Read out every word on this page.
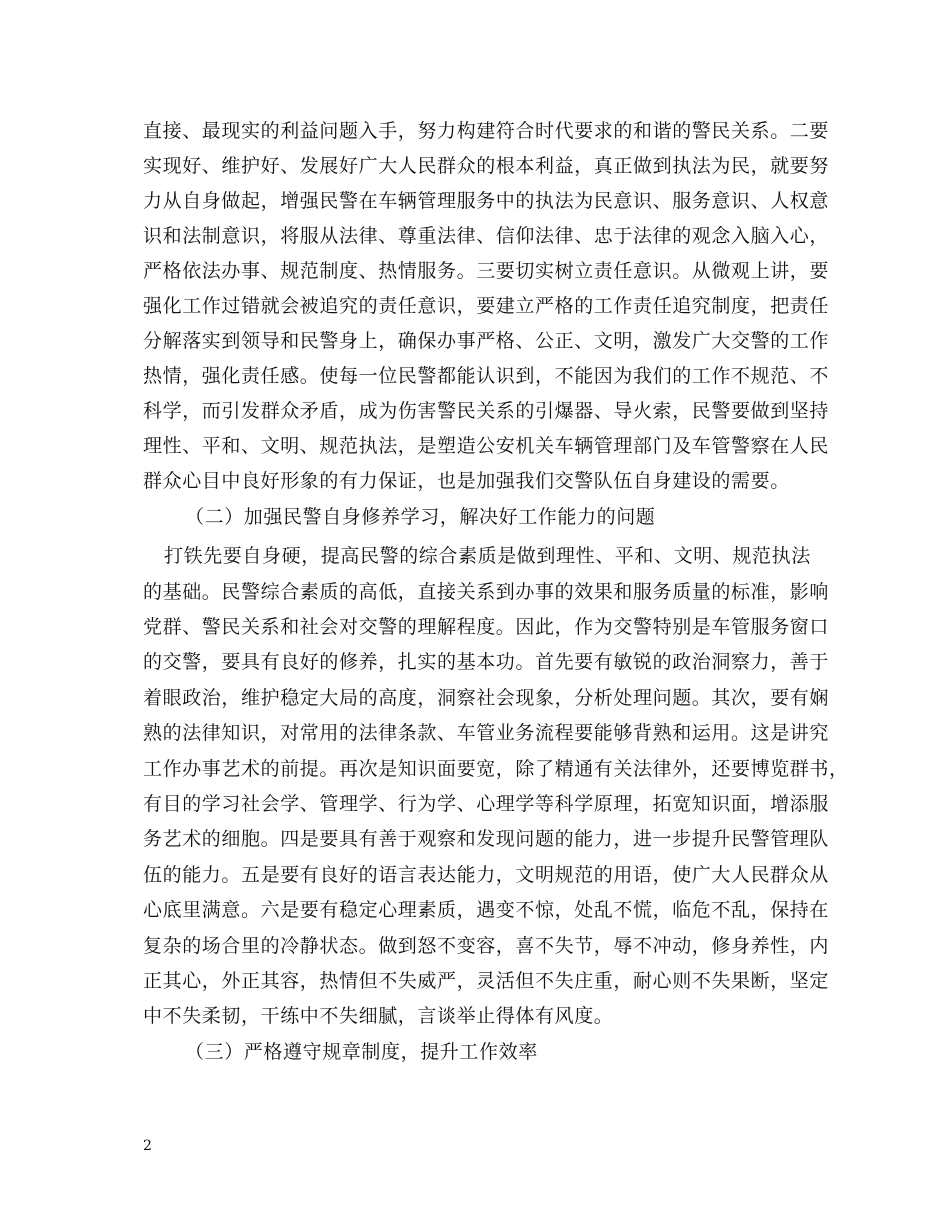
直接、最现实的利益问题入手，努力构建符合时代要求的和谐的警民关系。二要
实现好、维护好、发展好广大人民群众的根本利益，真正做到执法为民，就要努
力从自身做起，增强民警在车辆管理服务中的执法为民意识、服务意识、人权意
识和法制意识，将服从法律、尊重法律、信仰法律、忠于法律的观念入脑入心，
严格依法办事、规范制度、热情服务。三要切实树立责任意识。从微观上讲，要
强化工作过错就会被追究的责任意识，要建立严格的工作责任追究制度，把责任
分解落实到领导和民警身上，确保办事严格、公正、文明，激发广大交警的工作
热情，强化责任感。使每一位民警都能认识到，不能因为我们的工作不规范、不
科学，而引发群众矛盾，成为伤害警民关系的引爆器、导火索，民警要做到坚持
理性、平和、文明、规范执法，是塑造公安机关车辆管理部门及车管警察在人民
群众心目中良好形象的有力保证，也是加强我们交警队伍自身建设的需要。
（二）加强民警自身修养学习，解决好工作能力的问题
打铁先要自身硬，提高民警的综合素质是做到理性、平和、文明、规范执法
的基础。民警综合素质的高低，直接关系到办事的效果和服务质量的标准，影响
党群、警民关系和社会对交警的理解程度。因此，作为交警特别是车管服务窗口
的交警，要具有良好的修养，扎实的基本功。首先要有敏锐的政治洞察力，善于
着眼政治，维护稳定大局的高度，洞察社会现象，分析处理问题。其次，要有娴
熟的法律知识，对常用的法律条款、车管业务流程要能够背熟和运用。这是讲究
工作办事艺术的前提。再次是知识面要宽，除了精通有关法律外，还要博览群书，
有目的学习社会学、管理学、行为学、心理学等科学原理，拓宽知识面，增添服
务艺术的细胞。四是要具有善于观察和发现问题的能力，进一步提升民警管理队
伍的能力。五是要有良好的语言表达能力，文明规范的用语，使广大人民群众从
心底里满意。六是要有稳定心理素质，遇变不惊，处乱不慌，临危不乱，保持在
复杂的场合里的冷静状态。做到怒不变容，喜不失节，辱不冲动，修身养性，内
正其心，外正其容，热情但不失威严，灵活但不失庄重，耐心则不失果断，坚定
中不失柔韧，干练中不失细腻，言谈举止得体有风度。
（三）严格遵守规章制度，提升工作效率
2
